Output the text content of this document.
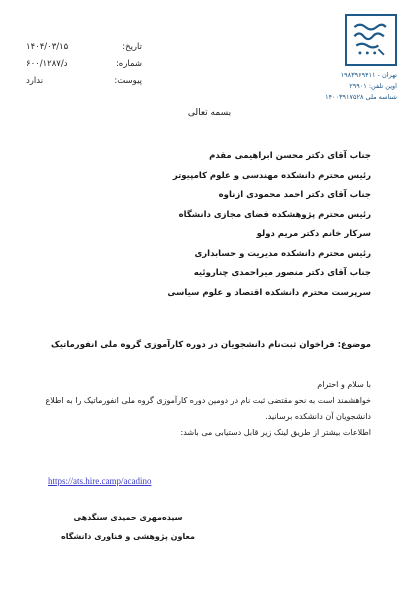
تاریخ:
۱۴۰۴/۰۳/۱۵
شماره:
۶۰۰/۱۲۸۷/د
پیوست:
ندارد
تهران - ۱۹۸۳۹۶۹۴۱۱
اوین تلفن: ۲۹۹۰۱
شناسه ملی ۱۴۰۰۳۹۱۷۵۲۸
بسمه تعالی
جناب آقای دکتر محسن ابراهیمی مقدم
رئیس محترم دانشکده مهندسی و علوم کامپیوتر
جناب آقای دکتر احمد محمودی ازناوه
رئیس محترم پژوهشکده فضای مجازی دانشگاه
سرکار خانم دکتر مریم دولو
رئیس محترم دانشکده مدیریت و حسابداری
جناب آقای دکتر منصور میراحمدی چناروئیه
سرپرست محترم دانشکده اقتصاد و علوم سیاسی
موضوع: فراخوان ثبت‌نام دانشجویان در دوره کارآموزی گروه ملی انفورماتیک

با سلام و احترام

خواهشمند است به نحو مقتضی ثبت نام در دومین دوره کارآموزی گروه ملی انفورماتیک را به اطلاع دانشجویان آن دانشکده برسانید.

اطلاعات بیشتر از طریق لینک زیر قابل دستیابی می باشد:

https://ats.hire.camp/acadino
سیده‌مهری حمیدی سنگدهی
معاون پژوهشی و فناوری دانشگاه
